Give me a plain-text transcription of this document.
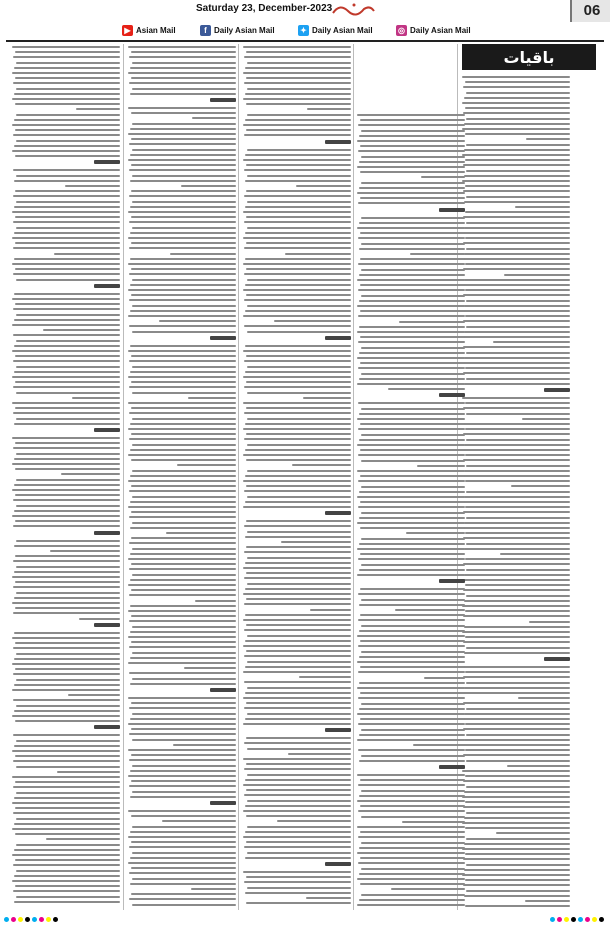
06
Saturday 23, December-2023
◎ Daily Asian Mail
✦ Daily Asian Mail
f Daily Asian Mail
▶ Asian Mail
باقیات
